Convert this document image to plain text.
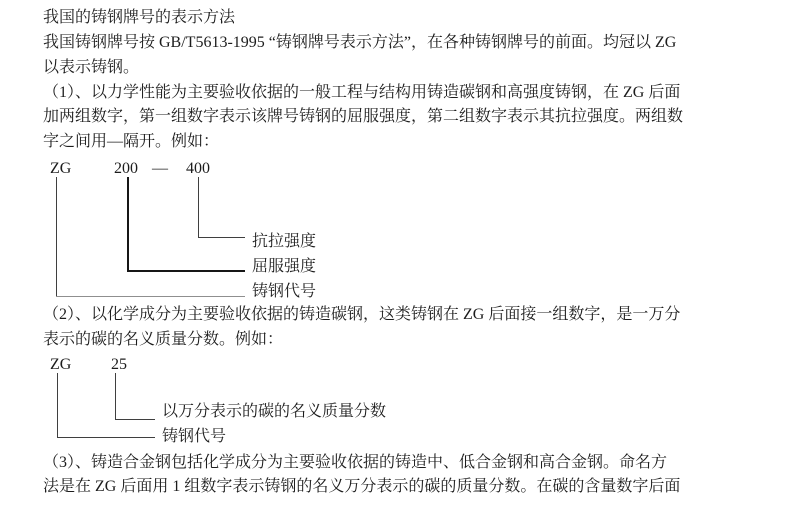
我国的铸钢牌号的表示方法
我国铸钢牌号按 GB/T5613-1995 “铸钢牌号表示方法”，在各种铸钢牌号的前面。均冠以 ZG
以表示铸钢。
（1）、以力学性能为主要验收依据的一般工程与结构用铸造碳钢和高强度铸钢，在 ZG 后面
加两组数字，第一组数字表示该牌号铸钢的屈服强度，第二组数字表示其抗拉强度。两组数
字之间用—隔开。例如：
ZG	200 — 400
抗拉强度
屈服强度
铸钢代号
（2）、以化学成分为主要验收依据的铸造碳钢，这类铸钢在 ZG 后面接一组数字，是一万分
表示的碳的名义质量分数。例如：
ZG 25
以万分表示的碳的名义质量分数
铸钢代号
（3）、铸造合金钢包括化学成分为主要验收依据的铸造中、低合金钢和高合金钢。命名方
法是在 ZG 后面用 1 组数字表示铸钢的名义万分表示的碳的质量分数。在碳的含量数字后面
